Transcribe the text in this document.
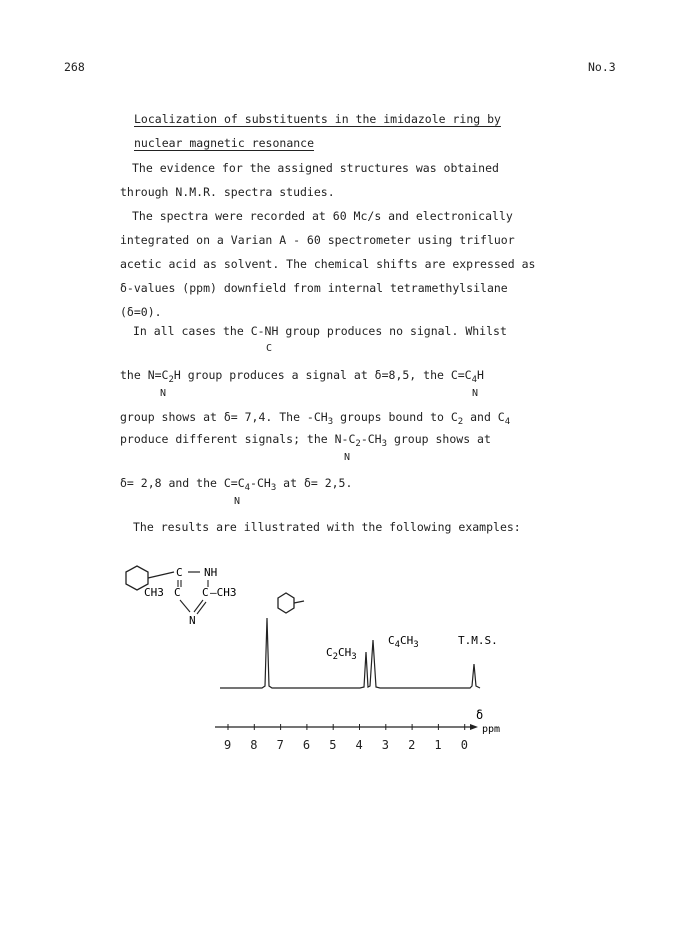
268	No.3
Localization of substituents in the imidazole ring by
nuclear magnetic resonance
The evidence for the assigned structures was obtained through N.M.R. spectra studies.
The spectra were recorded at 60 Mc/s and electronically integrated on a Varian A - 60 spectrometer using trifluor acetic acid as solvent. The chemical shifts are expressed as δ-values (ppm) downfield from internal tetramethylsilane (δ=0).
In all cases the C-NH group produces no signal. Whilst
C
the $N=C_2H$ group produces a signal at δ=8,5, the $C=C_4H$
N	N
group shows at δ= 7,4. The $-CH_3$ groups bound to $C_2$ and $C_4$
produce different signals; the $N-C_2-CH_3$ group shows at
N
δ= 2,8 and the $C=C_4-CH_3$ at δ= 2,5.
N
The results are illustrated with the following examples:
C NH
CH3 C C —CH3
N
$C_2CH_3$
$C_4CH_3$	T.M.S.
δ
ppm
9 8 7 6 5 4 3 2 1 0
